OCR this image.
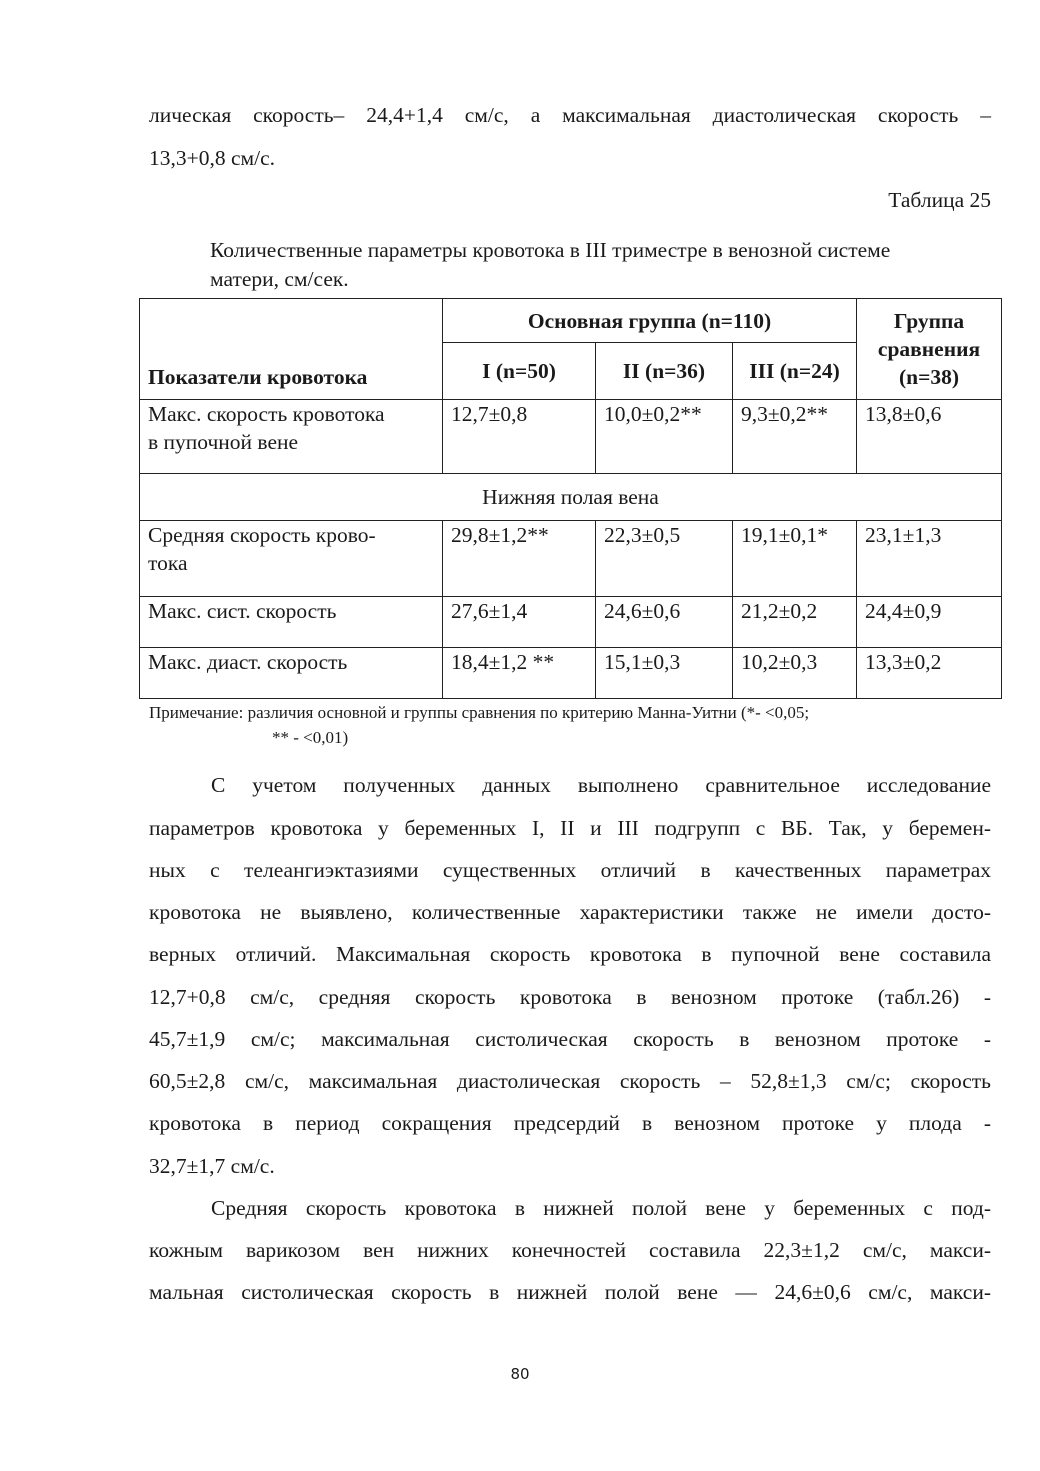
лическая скорость– 24,4+1,4 см/с, а максимальная диастолическая скорость –
13,3+0,8 см/с.
Таблица 25
Количественные параметры кровотока в III триместре в венозной системе
матери, см/сек.
Показатели кровотока	Основная группа (n=110)			Группа
сравнения
(n=38)

	I (n=50)	II (n=36)	III (n=24)	

Макс. скорость кровотока
в пупочной вене	12,7±0,8	10,0±0,2**	9,3±0,2**	13,8±0,6
Нижняя полая вена				

Средняя скорость крово-
тока	29,8±1,2**	22,3±0,5	19,1±0,1*	23,1±1,3
Макс. сист. скорость	27,6±1,4	24,6±0,6	21,2±0,2	24,4±0,9
Макс. диаст. скорость	18,4±1,2 **	15,1±0,3	10,2±0,3	13,3±0,2
Примечание: различия основной и группы сравнения по критерию Манна-Уитни (*- <0,05;
** - <0,01)
С учетом полученных данных выполнено сравнительное исследование
параметров кровотока у беременных I, II и III подгрупп с ВБ. Так, у беремен-
ных с телеангиэктазиями существенных отличий в качественных параметрах
кровотока не выявлено, количественные характеристики также не имели досто-
верных отличий. Максимальная скорость кровотока в пупочной вене составила
12,7+0,8 см/с, средняя скорость кровотока в венозном протоке (табл.26) -
45,7±1,9 см/с; максимальная систолическая скорость в венозном протоке -
60,5±2,8 см/с, максимальная диастолическая скорость – 52,8±1,3 см/с; скорость
кровотока в период сокращения предсердий в венозном протоке у плода -
32,7±1,7 см/с.
Средняя скорость кровотока в нижней полой вене у беременных с под-
кожным варикозом вен нижних конечностей составила 22,3±1,2 см/с, макси-
мальная систолическая скорость в нижней полой вене — 24,6±0,6 см/с, макси-
80
